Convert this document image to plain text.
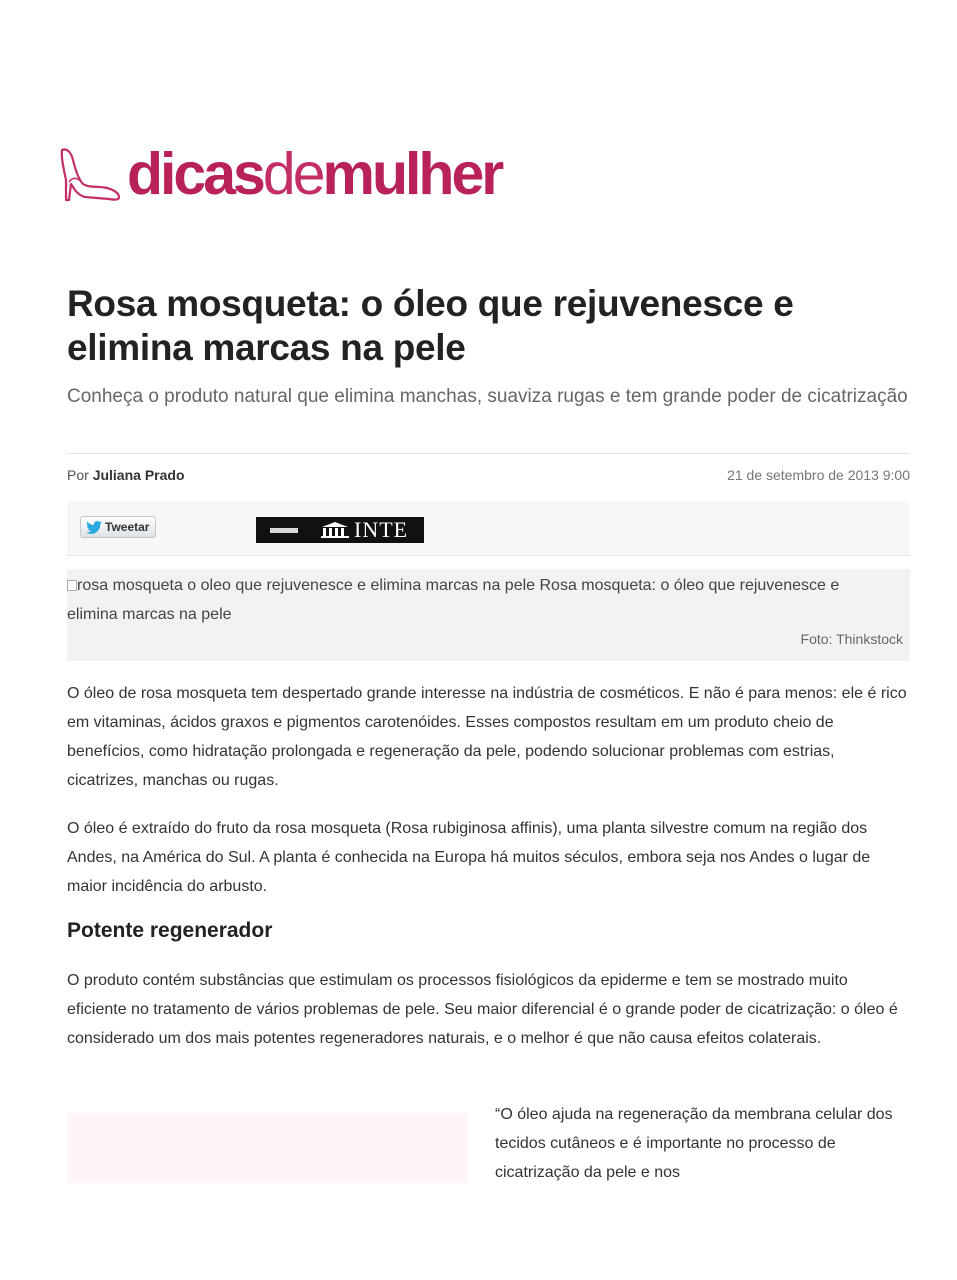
dicasdemulher
Rosa mosqueta: o óleo que rejuvenesce e elimina marcas na pele

Conheça o produto natural que elimina manchas, suaviza rugas e tem grande poder de cicatrização

Por Juliana Prado	21 de setembro de 2013 9:00
Tweetar	INTE
rosa mosqueta o oleo que rejuvenesce e elimina marcas na pele Rosa mosqueta: o óleo que rejuvenesce e elimina marcas na pele
Foto: Thinkstock

O óleo de rosa mosqueta tem despertado grande interesse na indústria de cosméticos. E não é para menos: ele é rico em vitaminas, ácidos graxos e pigmentos carotenóides. Esses compostos resultam em um produto cheio de benefícios, como hidratação prolongada e regeneração da pele, podendo solucionar problemas com estrias, cicatrizes, manchas ou rugas.

O óleo é extraído do fruto da rosa mosqueta (Rosa rubiginosa affinis), uma planta silvestre comum na região dos Andes, na América do Sul. A planta é conhecida na Europa há muitos séculos, embora seja nos Andes o lugar de maior incidência do arbusto.

Potente regenerador

O produto contém substâncias que estimulam os processos fisiológicos da epiderme e tem se mostrado muito eficiente no tratamento de vários problemas de pele. Seu maior diferencial é o grande poder de cicatrização: o óleo é considerado um dos mais potentes regeneradores naturais, e o melhor é que não causa efeitos colaterais.

“O óleo ajuda na regeneração da membrana celular dos tecidos cutâneos e é importante no processo de cicatrização da pele e nos
